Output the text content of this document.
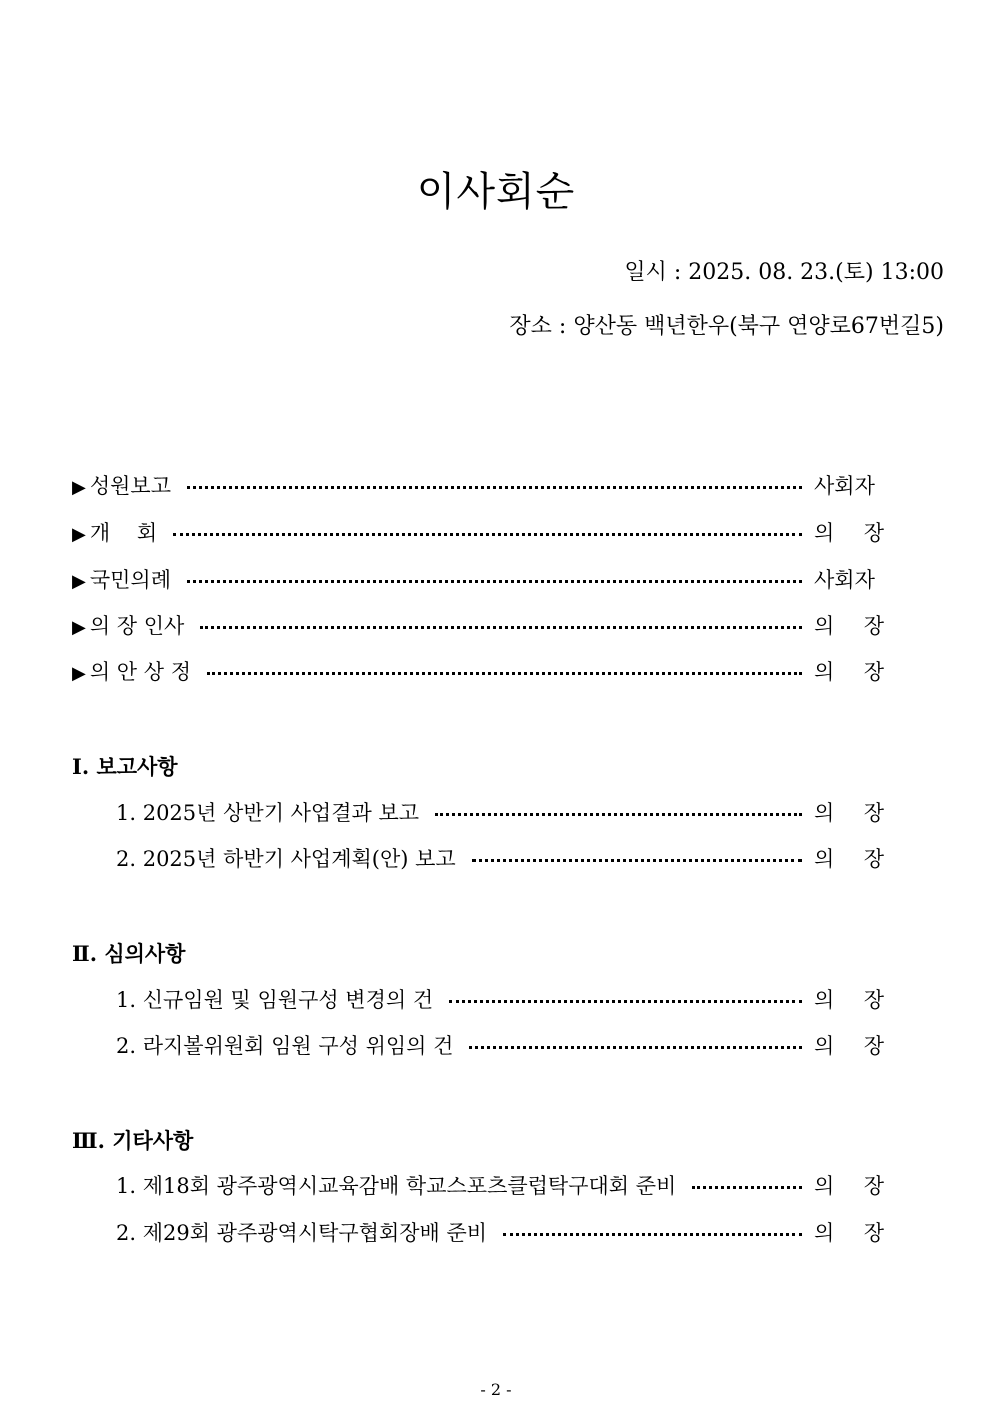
이사회순
일시 : 2025. 08. 23.(토) 13:00
장소 : 양산동 백년한우(북구 연양로67번길5)
▶ 성원보고	사회자
▶ 개    회	의 장
▶ 국민의례	사회자
▶ 의 장 인사	의 장
▶ 의 안 상 정	의 장
Ⅰ. 보고사항
1. 2025년 상반기 사업결과 보고	의 장
2. 2025년 하반기 사업계획(안) 보고	의 장
Ⅱ. 심의사항
1. 신규임원 및 임원구성 변경의 건	의 장
2. 라지볼위원회 임원 구성 위임의 건	의 장
Ⅲ. 기타사항
1. 제18회 광주광역시교육감배 학교스포츠클럽탁구대회 준비	의 장
2. 제29회 광주광역시탁구협회장배 준비	의 장
- 2 -
